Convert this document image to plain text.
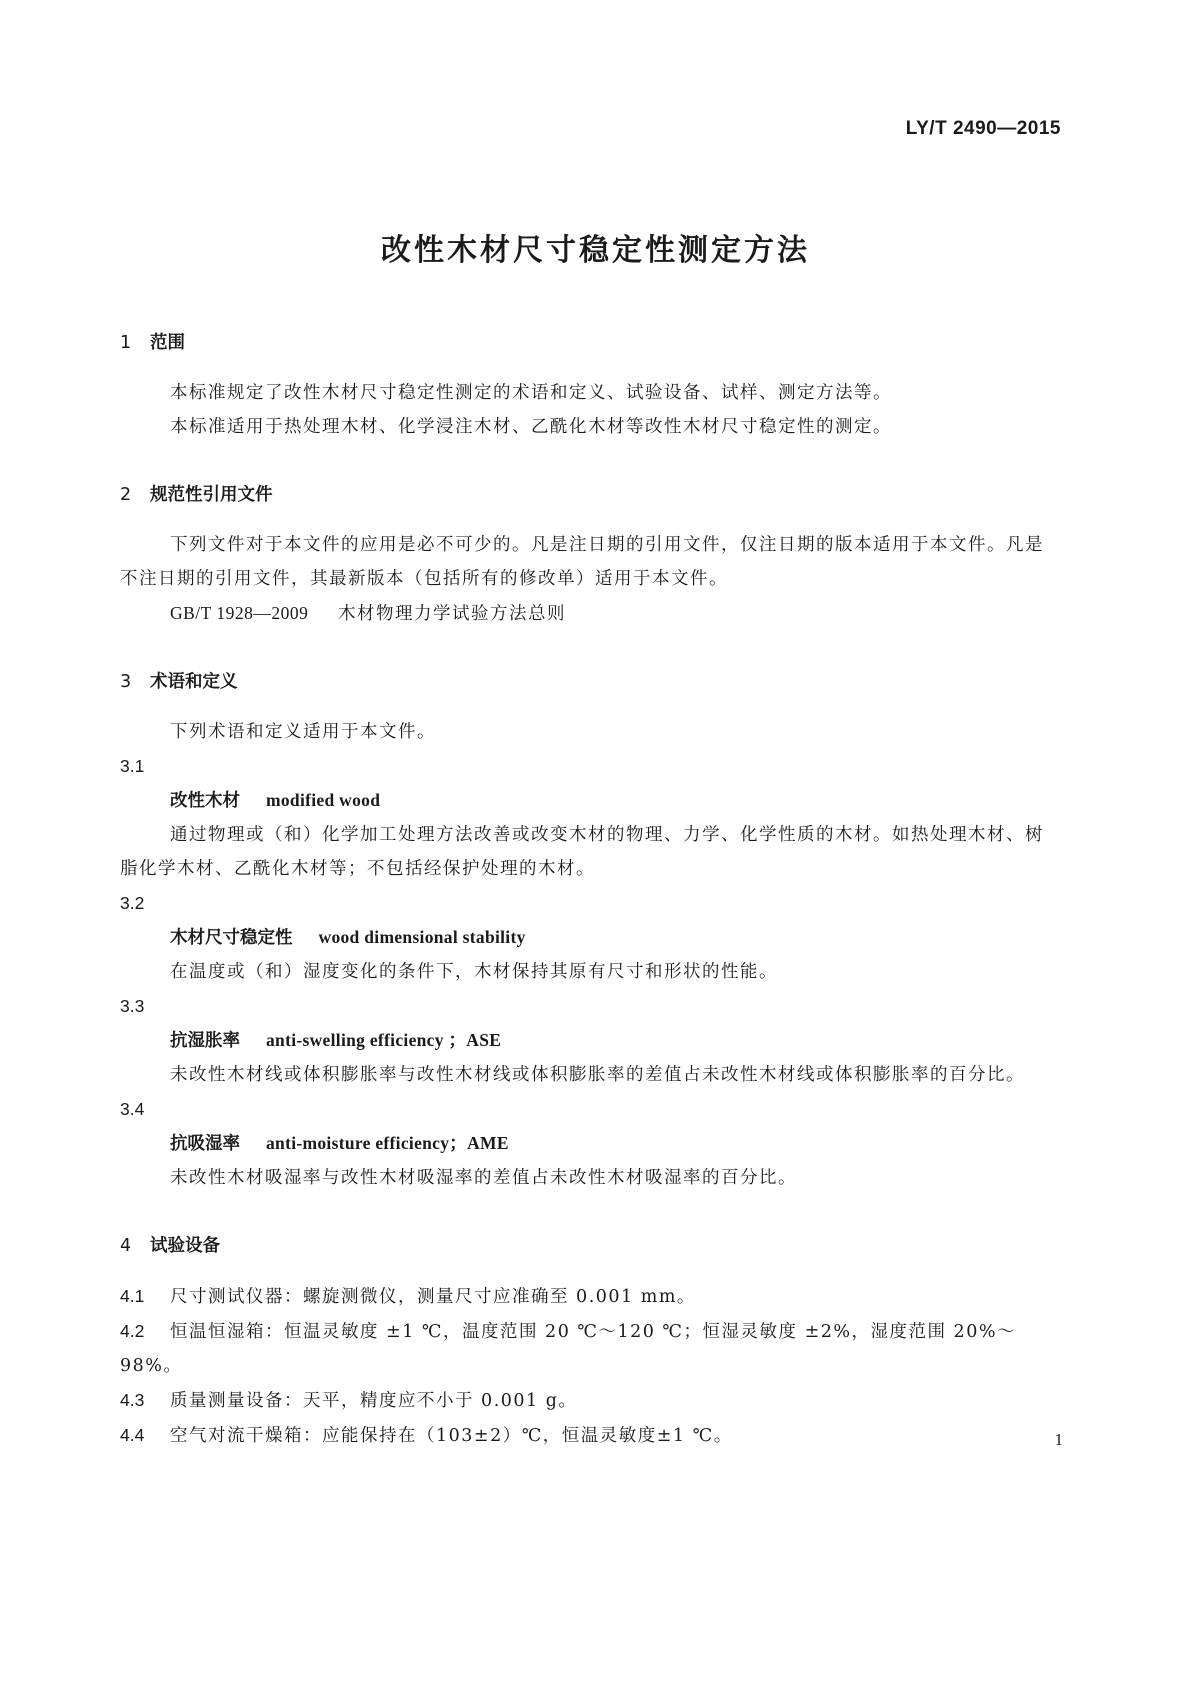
LY/T 2490—2015
改性木材尺寸稳定性测定方法

1 范围

本标准规定了改性木材尺寸稳定性测定的术语和定义、试验设备、试样、测定方法等。

本标准适用于热处理木材、化学浸注木材、乙酰化木材等改性木材尺寸稳定性的测定。

2 规范性引用文件

下列文件对于本文件的应用是必不可少的。凡是注日期的引用文件，仅注日期的版本适用于本文件。凡是不注日期的引用文件，其最新版本（包括所有的修改单）适用于本文件。

GB/T 1928—2009 木材物理力学试验方法总则

3 术语和定义

下列术语和定义适用于本文件。

3.1

改性木材 modified wood

通过物理或（和）化学加工处理方法改善或改变木材的物理、力学、化学性质的木材。如热处理木材、树脂化学木材、乙酰化木材等；不包括经保护处理的木材。

3.2

木材尺寸稳定性 wood dimensional stability

在温度或（和）湿度变化的条件下，木材保持其原有尺寸和形状的性能。

3.3

抗湿胀率 anti-swelling efficiency ；ASE

未改性木材线或体积膨胀率与改性木材线或体积膨胀率的差值占未改性木材线或体积膨胀率的百分比。

3.4

抗吸湿率 anti-moisture efficiency；AME

未改性木材吸湿率与改性木材吸湿率的差值占未改性木材吸湿率的百分比。

4 试验设备

4.1 尺寸测试仪器：螺旋测微仪，测量尺寸应准确至 0.001 mm。

4.2 恒温恒湿箱：恒温灵敏度 ±1 ℃，温度范围 20 ℃～120 ℃；恒湿灵敏度 ±2%，湿度范围 20%～98%。

4.3 质量测量设备：天平，精度应不小于 0.001 g。

4.4 空气对流干燥箱：应能保持在（103±2）℃，恒温灵敏度±1 ℃。	1
